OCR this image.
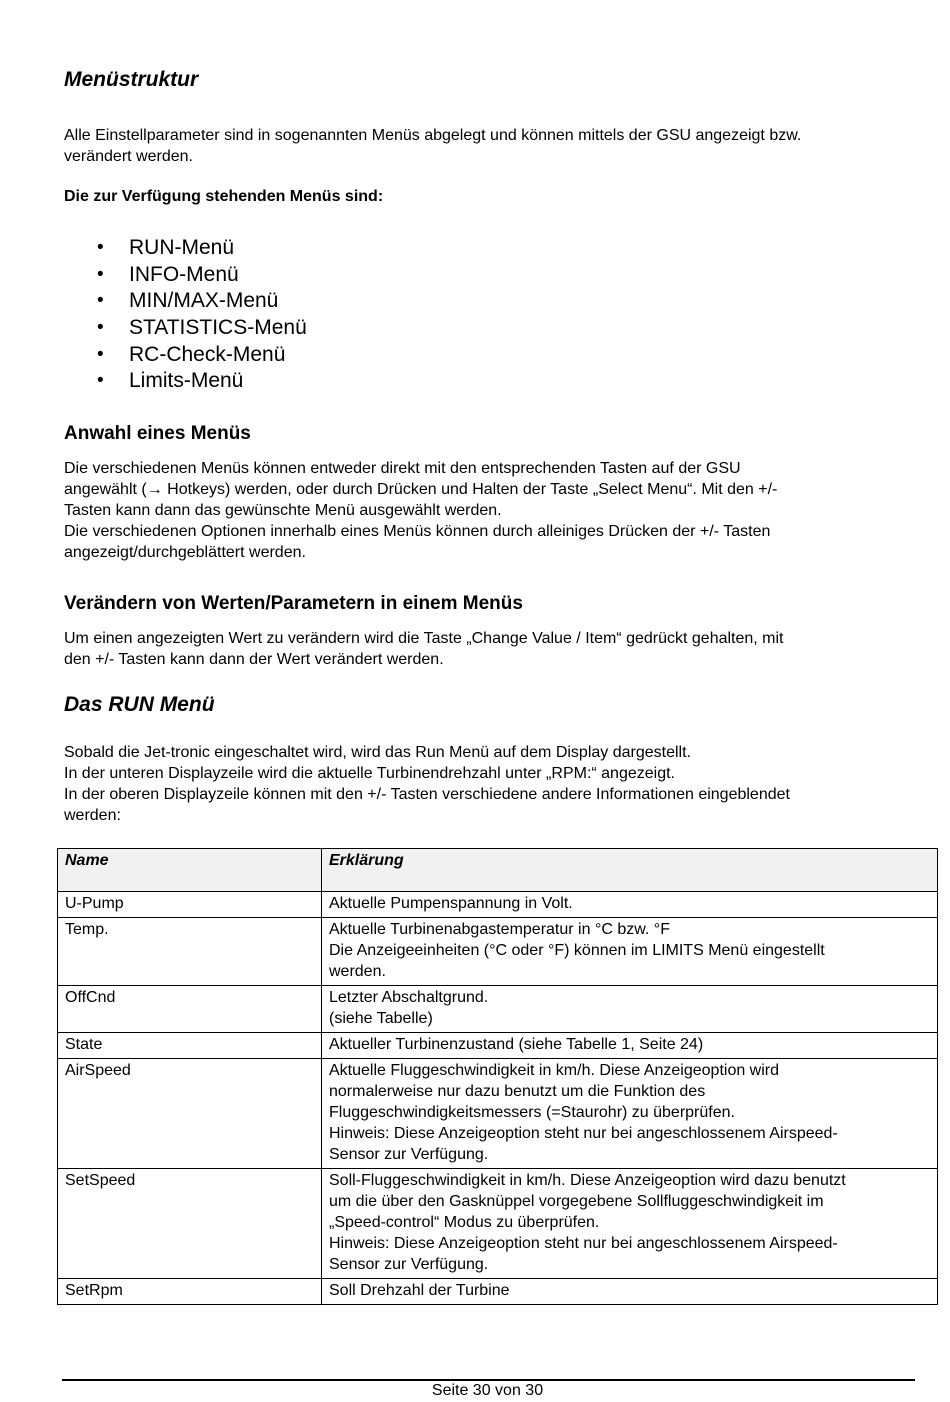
Menüstruktur
Alle Einstellparameter sind in sogenannten Menüs abgelegt und können mittels der GSU angezeigt bzw.
verändert werden.
Die zur Verfügung stehenden Menüs sind:
• RUN-Menü
• INFO-Menü
• MIN/MAX-Menü
• STATISTICS-Menü
• RC-Check-Menü
• Limits-Menü
Anwahl eines Menüs
Die verschiedenen Menüs können entweder direkt mit den entsprechenden Tasten auf der GSU
angewählt (→ Hotkeys) werden, oder durch Drücken und Halten der Taste „Select Menu“. Mit den +/-
Tasten kann dann das gewünschte Menü ausgewählt werden.
Die verschiedenen Optionen innerhalb eines Menüs können durch alleiniges Drücken der +/- Tasten
angezeigt/durchgeblättert werden.
Verändern von Werten/Parametern in einem Menüs
Um einen angezeigten Wert zu verändern wird die Taste „Change Value / Item“ gedrückt gehalten, mit
den +/- Tasten kann dann der Wert verändert werden.
Das RUN Menü
Sobald die Jet-tronic eingeschaltet wird, wird das Run Menü auf dem Display dargestellt.
In der unteren Displayzeile wird die aktuelle Turbinendrehzahl unter „RPM:“ angezeigt.
In der oberen Displayzeile können mit den +/- Tasten verschiedene andere Informationen eingeblendet
werden:
Name	Erklärung
U-Pump	Aktuelle Pumpenspannung in Volt.

Temp.	Aktuelle Turbinenabgastemperatur in °C bzw. °F
Die Anzeigeeinheiten (°C oder °F) können im LIMITS Menü eingestellt
werden.

OffCnd	Letzter Abschaltgrund.
(siehe Tabelle)

State	Aktueller Turbinenzustand (siehe Tabelle 1, Seite 24)

AirSpeed	Aktuelle Fluggeschwindigkeit in km/h. Diese Anzeigeoption wird
normalerweise nur dazu benutzt um die Funktion des
Fluggeschwindigkeitsmessers (=Staurohr) zu überprüfen.
Hinweis: Diese Anzeigeoption steht nur bei angeschlossenem Airspeed-
Sensor zur Verfügung.

SetSpeed	Soll-Fluggeschwindigkeit in km/h. Diese Anzeigeoption wird dazu benutzt
um die über den Gasknüppel vorgegebene Sollfluggeschwindigkeit im
„Speed-control“ Modus zu überprüfen.
Hinweis: Diese Anzeigeoption steht nur bei angeschlossenem Airspeed-
Sensor zur Verfügung.

SetRpm	Soll Drehzahl der Turbine
Seite 30 von 30
